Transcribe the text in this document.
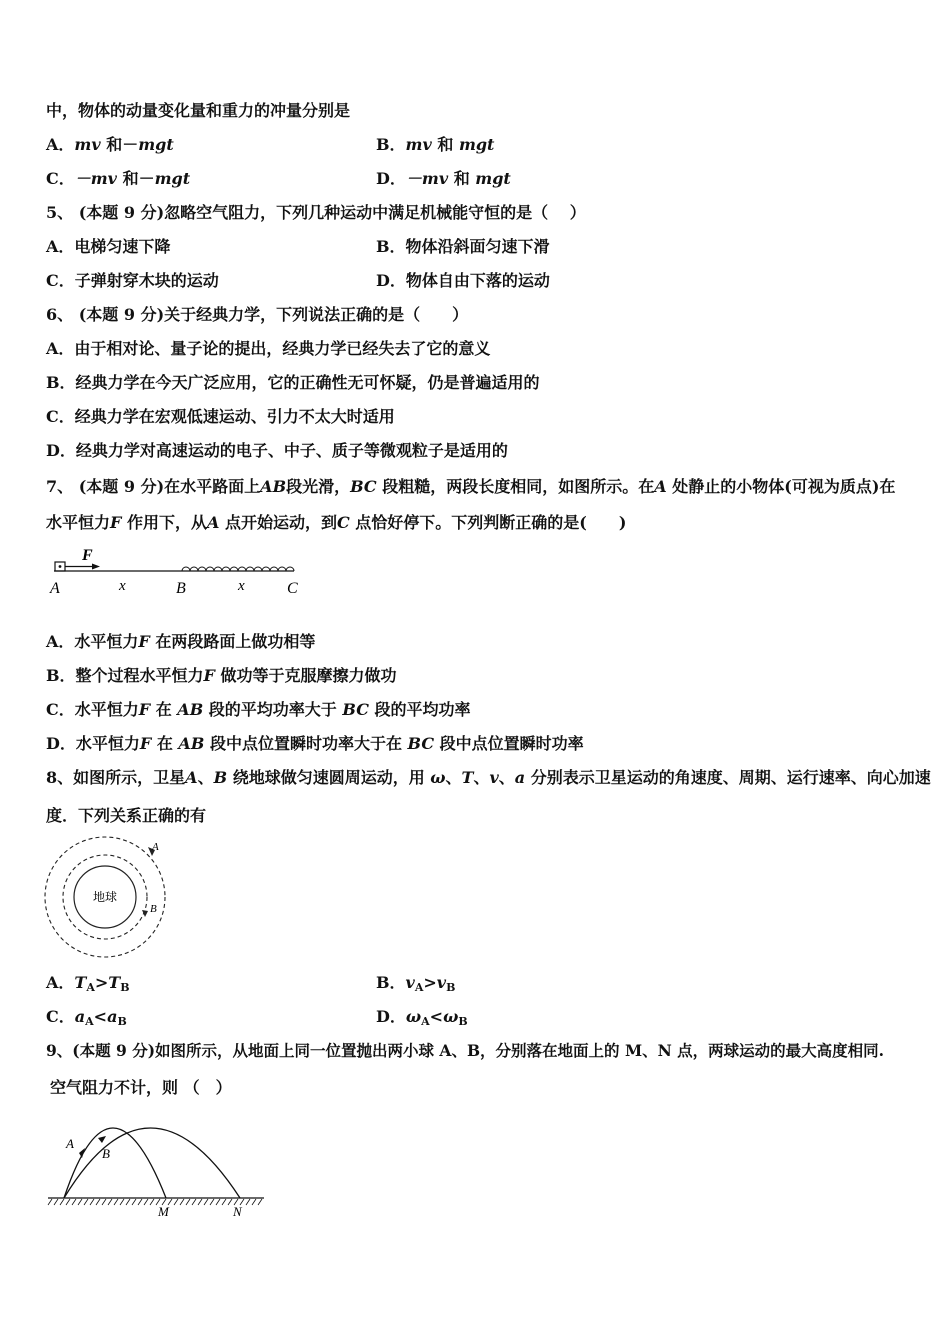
中，物体的动量变化量和重力的冲量分别是
A．mv 和－mgt	B．mv 和 mgt
C．－mv 和－mgt	D．－mv 和 mgt
5、 (本题 9 分)忽略空气阻力，下列几种运动中满足机械能守恒的是（　 ）
A．电梯匀速下降	B．物体沿斜面匀速下滑
C．子弹射穿木块的运动	D．物体自由下落的运动
6、 (本题 9 分)关于经典力学，下列说法正确的是（　　）
A．由于相对论、量子论的提出，经典力学已经失去了它的意义
B．经典力学在今天广泛应用，它的正确性无可怀疑，仍是普遍适用的
C．经典力学在宏观低速运动、引力不太大时适用
D．经典力学对高速运动的电子、中子、质子等微观粒子是适用的
7、 (本题 9 分)在水平路面上AB段光滑，BC 段粗糙，两段长度相同，如图所示。在A 处静止的小物体(可视为质点)在
水平恒力F 作用下，从A 点开始运动，到C 点恰好停下。下列判断正确的是(　　)
F
A	x	B	x	C
A．水平恒力F 在两段路面上做功相等
B．整个过程水平恒力F 做功等于克服摩擦力做功
C．水平恒力F 在 AB 段的平均功率大于 BC 段的平均功率
D．水平恒力F 在 AB 段中点位置瞬时功率大于在 BC 段中点位置瞬时功率
8、如图所示，卫星A、B 绕地球做匀速圆周运动，用 ω、T、v、a 分别表示卫星运动的角速度、周期、运行速率、向心加速
度．下列关系正确的有
地球
A
B
A．$T_A>T_B$	B．$v_A>v_B$
C．$a_A<a_B$	D．$\omega_A<\omega_B$
9、(本题 9 分)如图所示，从地面上同一位置抛出两小球 A、B，分别落在地面上的 M、N 点，两球运动的最大高度相同.
空气阻力不计，则 （　）
A
B
M	N
